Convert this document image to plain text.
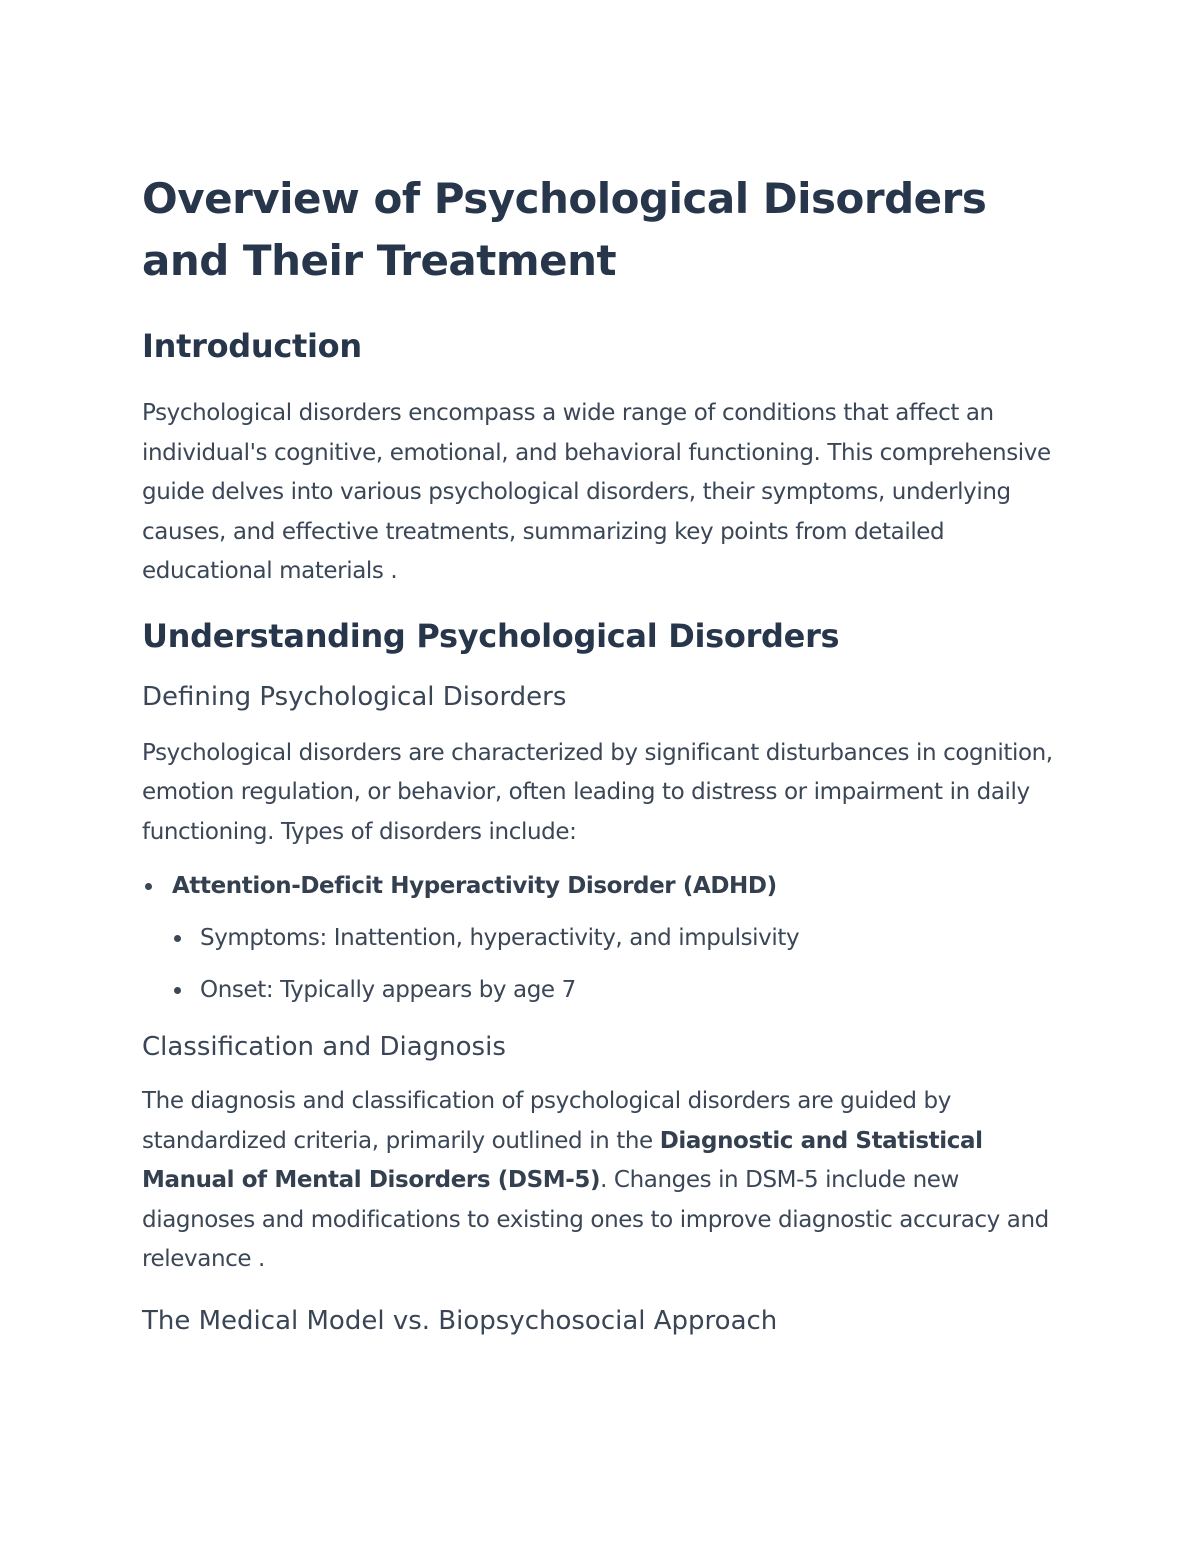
Overview of Psychological Disorders and Their Treatment
Introduction

Psychological disorders encompass a wide range of conditions that affect an individual's cognitive, emotional, and behavioral functioning. This comprehensive guide delves into various psychological disorders, their symptoms, underlying causes, and effective treatments, summarizing key points from detailed educational materials .

Understanding Psychological Disorders
Defining Psychological Disorders

Psychological disorders are characterized by significant disturbances in cognition, emotion regulation, or behavior, often leading to distress or impairment in daily functioning. Types of disorders include:

Attention-Deficit Hyperactivity Disorder (ADHD)
Symptoms: Inattention, hyperactivity, and impulsivity
Onset: Typically appears by age 7
Classification and Diagnosis

The diagnosis and classification of psychological disorders are guided by standardized criteria, primarily outlined in the Diagnostic and Statistical Manual of Mental Disorders (DSM-5). Changes in DSM-5 include new diagnoses and modifications to existing ones to improve diagnostic accuracy and relevance .

The Medical Model vs. Biopsychosocial Approach
